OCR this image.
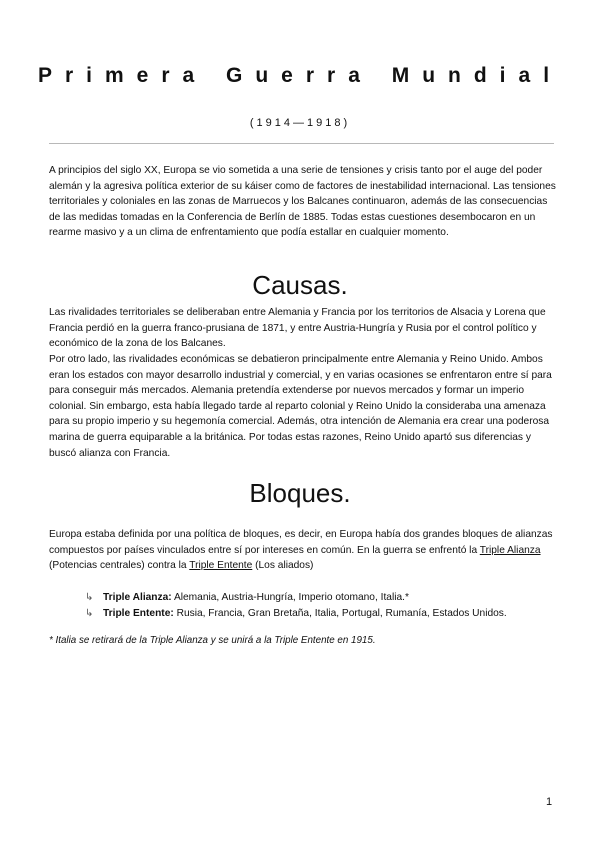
Primera Guerra Mundial
(1914—1918)

A principios del siglo XX, Europa se vio sometida a una serie de tensiones y crisis tanto por el auge del poder alemán y la agresiva política exterior de su káiser como de factores de inestabilidad internacional. Las tensiones territoriales y coloniales en las zonas de Marruecos y los Balcanes continuaron, además de las consecuencias de las medidas tomadas en la Conferencia de Berlín de 1885. Todas estas cuestiones desembocaron en un rearme masivo y a un clima de enfrentamiento que podía estallar en cualquier momento.

Causas.

Las rivalidades territoriales se deliberaban entre Alemania y Francia por los territorios de Alsacia y Lorena que Francia perdió en la guerra franco-prusiana de 1871, y entre Austria-Hungría y Rusia por el control político y económico de la zona de los Balcanes.

Por otro lado, las rivalidades económicas se debatieron principalmente entre Alemania y Reino Unido. Ambos eran los estados con mayor desarrollo industrial y comercial, y en varias ocasiones se enfrentaron entre sí para para conseguir más mercados. Alemania pretendía extenderse por nuevos mercados y formar un imperio colonial. Sin embargo, esta había llegado tarde al reparto colonial y Reino Unido la consideraba una amenaza para su propio imperio y su hegemonía comercial. Además, otra intención de Alemania era crear una poderosa marina de guerra equiparable a la británica. Por todas estas razones, Reino Unido apartó sus diferencias y buscó alianza con Francia.

Bloques.

Europa estaba definida por una política de bloques, es decir, en Europa había dos grandes bloques de alianzas compuestos por países vinculados entre sí por intereses en común. En la guerra se enfrentó la Triple Alianza (Potencias centrales) contra la Triple Entente (Los aliados)

↳ Triple Alianza: Alemania, Austria-Hungría, Imperio otomano, Italia.*
↳ Triple Entente: Rusia, Francia, Gran Bretaña, Italia, Portugal, Rumanía, Estados Unidos.

* Italia se retirará de la Triple Alianza y se unirá a la Triple Entente en 1915.

1
